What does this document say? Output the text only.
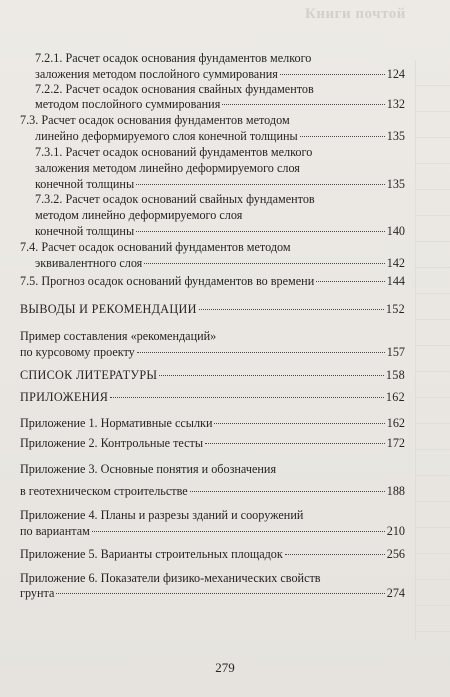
Книги почтой
7.2.1. Расчет осадок основания фундаментов мелкого
заложения методом послойного суммирования	124
7.2.2. Расчет осадок основания свайных фундаментов
методом послойного суммирования	132
7.3. Расчет осадок основания фундаментов методом
линейно деформируемого слоя конечной толщины	135
7.3.1. Расчет осадок оснований фундаментов мелкого
заложения методом линейно деформируемого слоя
конечной толщины	135
7.3.2. Расчет осадок оснований свайных фундаментов
методом линейно деформируемого слоя
конечной толщины	140
7.4. Расчет осадок оснований фундаментов методом
эквивалентного слоя	142
7.5. Прогноз осадок оснований фундаментов во времени	144
ВЫВОДЫ И РЕКОМЕНДАЦИИ	152
Пример составления «рекомендаций»
по курсовому проекту	157
СПИСОК ЛИТЕРАТУРЫ	158
ПРИЛОЖЕНИЯ	162
Приложение 1. Нормативные ссылки	162
Приложение 2. Контрольные тесты	172
Приложение 3. Основные понятия и обозначения
в геотехническом строительстве	188
Приложение 4. Планы и разрезы зданий и сооружений
по вариантам	210
Приложение 5. Варианты строительных площадок	256
Приложение 6. Показатели физико-механических свойств
грунта	274
279
